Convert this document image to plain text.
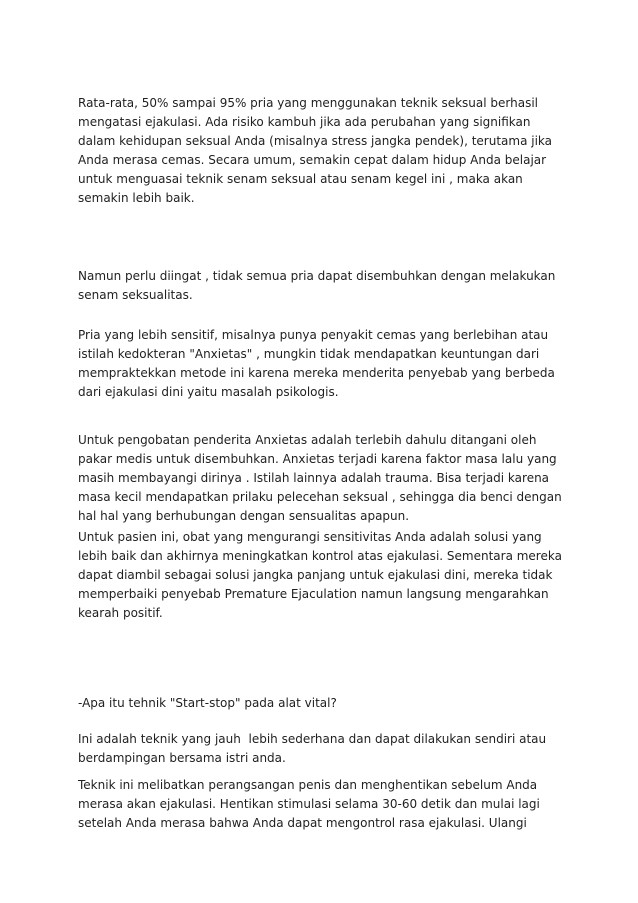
Rata-rata, 50% sampai 95% pria yang menggunakan teknik seksual berhasil
mengatasi ejakulasi. Ada risiko kambuh jika ada perubahan yang signifikan
dalam kehidupan seksual Anda (misalnya stress jangka pendek), terutama jika
Anda merasa cemas. Secara umum, semakin cepat dalam hidup Anda belajar
untuk menguasai teknik senam seksual atau senam kegel ini , maka akan
semakin lebih baik.
Namun perlu diingat , tidak semua pria dapat disembuhkan dengan melakukan
senam seksualitas.
Pria yang lebih sensitif, misalnya punya penyakit cemas yang berlebihan atau
istilah kedokteran "Anxietas" , mungkin tidak mendapatkan keuntungan dari
mempraktekkan metode ini karena mereka menderita penyebab yang berbeda
dari ejakulasi dini yaitu masalah psikologis.
Untuk pengobatan penderita Anxietas adalah terlebih dahulu ditangani oleh
pakar medis untuk disembuhkan. Anxietas terjadi karena faktor masa lalu yang
masih membayangi dirinya . Istilah lainnya adalah trauma. Bisa terjadi karena
masa kecil mendapatkan prilaku pelecehan seksual , sehingga dia benci dengan
hal hal yang berhubungan dengan sensualitas apapun.
Untuk pasien ini, obat yang mengurangi sensitivitas Anda adalah solusi yang
lebih baik dan akhirnya meningkatkan kontrol atas ejakulasi. Sementara mereka
dapat diambil sebagai solusi jangka panjang untuk ejakulasi dini, mereka tidak
memperbaiki penyebab Premature Ejaculation namun langsung mengarahkan
kearah positif.
-Apa itu tehnik "Start-stop" pada alat vital?
Ini adalah teknik yang jauh  lebih sederhana dan dapat dilakukan sendiri atau
berdampingan bersama istri anda.
Teknik ini melibatkan perangsangan penis dan menghentikan sebelum Anda
merasa akan ejakulasi. Hentikan stimulasi selama 30-60 detik dan mulai lagi
setelah Anda merasa bahwa Anda dapat mengontrol rasa ejakulasi. Ulangi
